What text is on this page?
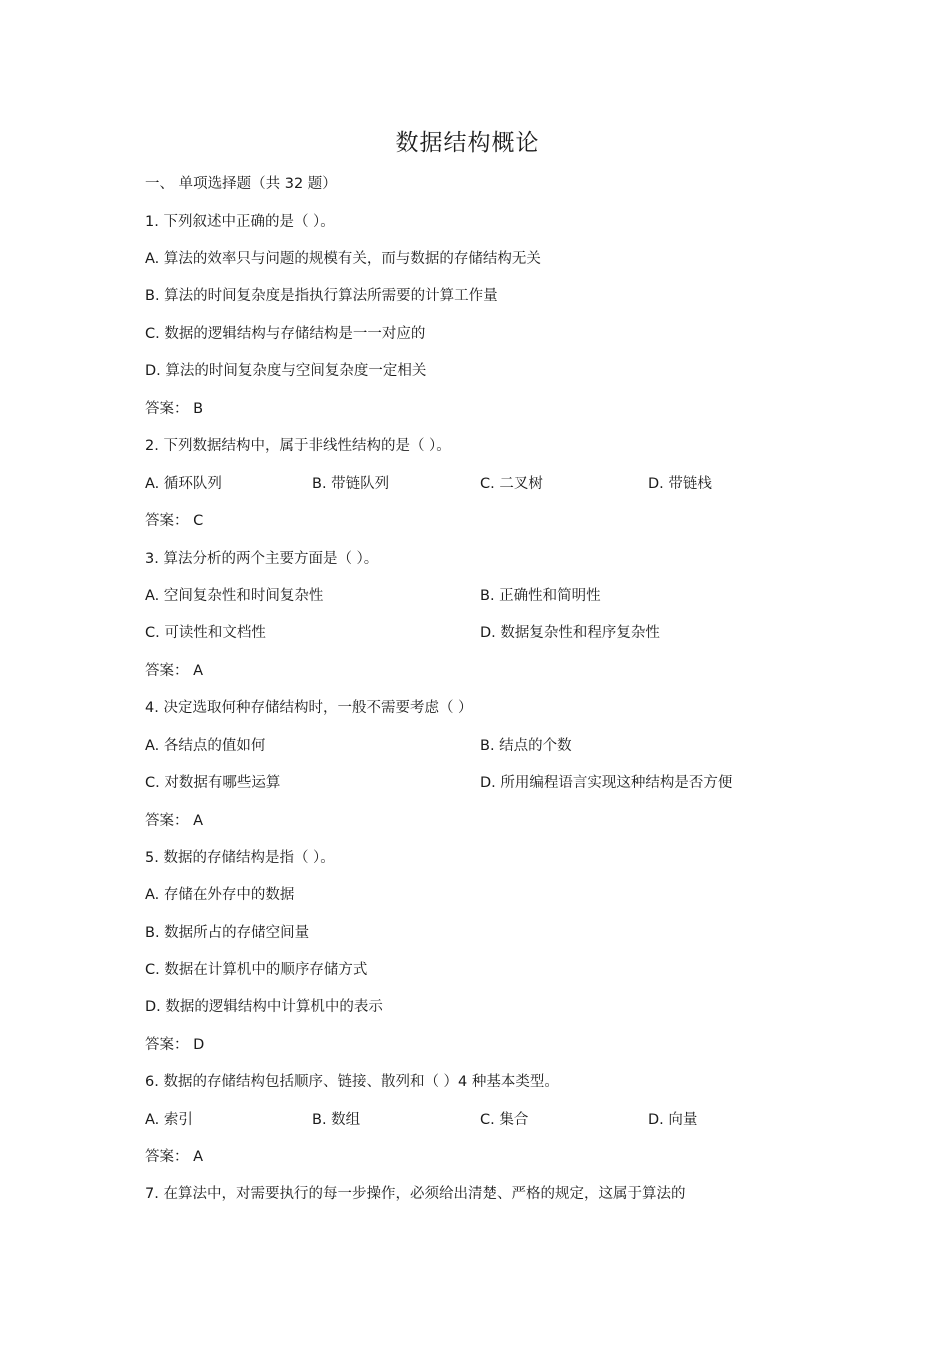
数据结构概论
一、 单项选择题（共 32 题）
1. 下列叙述中正确的是（ ）。
A. 算法的效率只与问题的规模有关，而与数据的存储结构无关
B. 算法的时间复杂度是指执行算法所需要的计算工作量
C. 数据的逻辑结构与存储结构是一一对应的
D. 算法的时间复杂度与空间复杂度一定相关
答案： B
2. 下列数据结构中，属于非线性结构的是（ ）。
A. 循环队列	B. 带链队列	C. 二叉树	D. 带链栈
答案： C
3. 算法分析的两个主要方面是（ ）。
A. 空间复杂性和时间复杂性	B. 正确性和简明性
C. 可读性和文档性	D. 数据复杂性和程序复杂性
答案： A
4. 决定选取何种存储结构时，一般不需要考虑（ ）
A. 各结点的值如何	B. 结点的个数
C. 对数据有哪些运算	D. 所用编程语言实现这种结构是否方便
答案： A
5. 数据的存储结构是指（ ）。
A. 存储在外存中的数据
B. 数据所占的存储空间量
C. 数据在计算机中的顺序存储方式
D. 数据的逻辑结构中计算机中的表示
答案： D
6. 数据的存储结构包括顺序、链接、散列和（ ）4 种基本类型。
A. 索引	B. 数组	C. 集合	D. 向量
答案： A
7. 在算法中，对需要执行的每一步操作，必须给出清楚、严格的规定，这属于算法的
